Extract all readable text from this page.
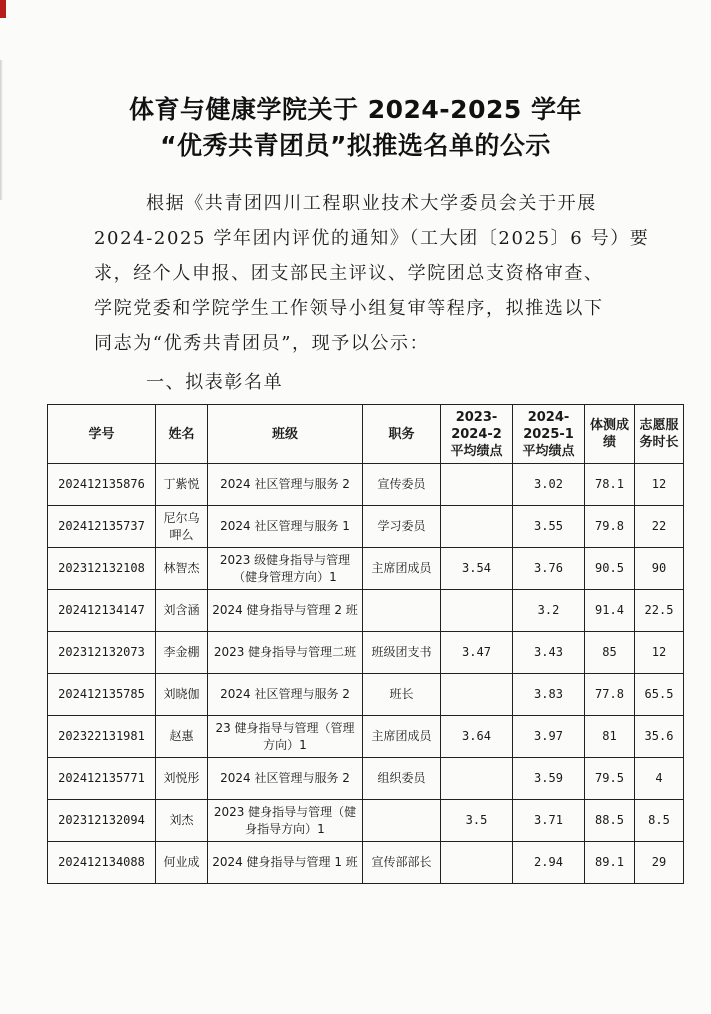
体育与健康学院关于 2024-2025 学年
“优秀共青团员”拟推选名单的公示
根据《共青团四川工程职业技术大学委员会关于开展
2024-2025 学年团内评优的通知》（工大团〔2025〕6 号）要
求，经个人申报、团支部民主评议、学院团总支资格审查、
学院党委和学院学生工作领导小组复审等程序，拟推选以下
同志为“优秀共青团员”，现予以公示：
一、拟表彰名单
学号	姓名	班级	职务	2023-2024-2 平均绩点	2024-2025-1 平均绩点	体测成绩	志愿服务时长
202412135876	丁紫悦	2024 社区管理与服务 2	宣传委员		3.02	78.1	12
202412135737	尼尔乌呷么	2024 社区管理与服务 1	学习委员		3.55	79.8	22
202312132108	林智杰	2023 级健身指导与管理（健身管理方向）1	主席团成员	3.54	3.76	90.5	90
202412134147	刘含涵	2024 健身指导与管理 2 班			3.2	91.4	22.5
202312132073	李金棚	2023 健身指导与管理二班	班级团支书	3.47	3.43	85	12
202412135785	刘晓伽	2024 社区管理与服务 2	班长		3.83	77.8	65.5
202322131981	赵惠	23 健身指导与管理（管理方向）1	主席团成员	3.64	3.97	81	35.6
202412135771	刘悦彤	2024 社区管理与服务 2	组织委员		3.59	79.5	4
202312132094	刘杰	2023 健身指导与管理（健身指导方向）1		3.5	3.71	88.5	8.5
202412134088	何业成	2024 健身指导与管理 1 班	宣传部部长		2.94	89.1	29
